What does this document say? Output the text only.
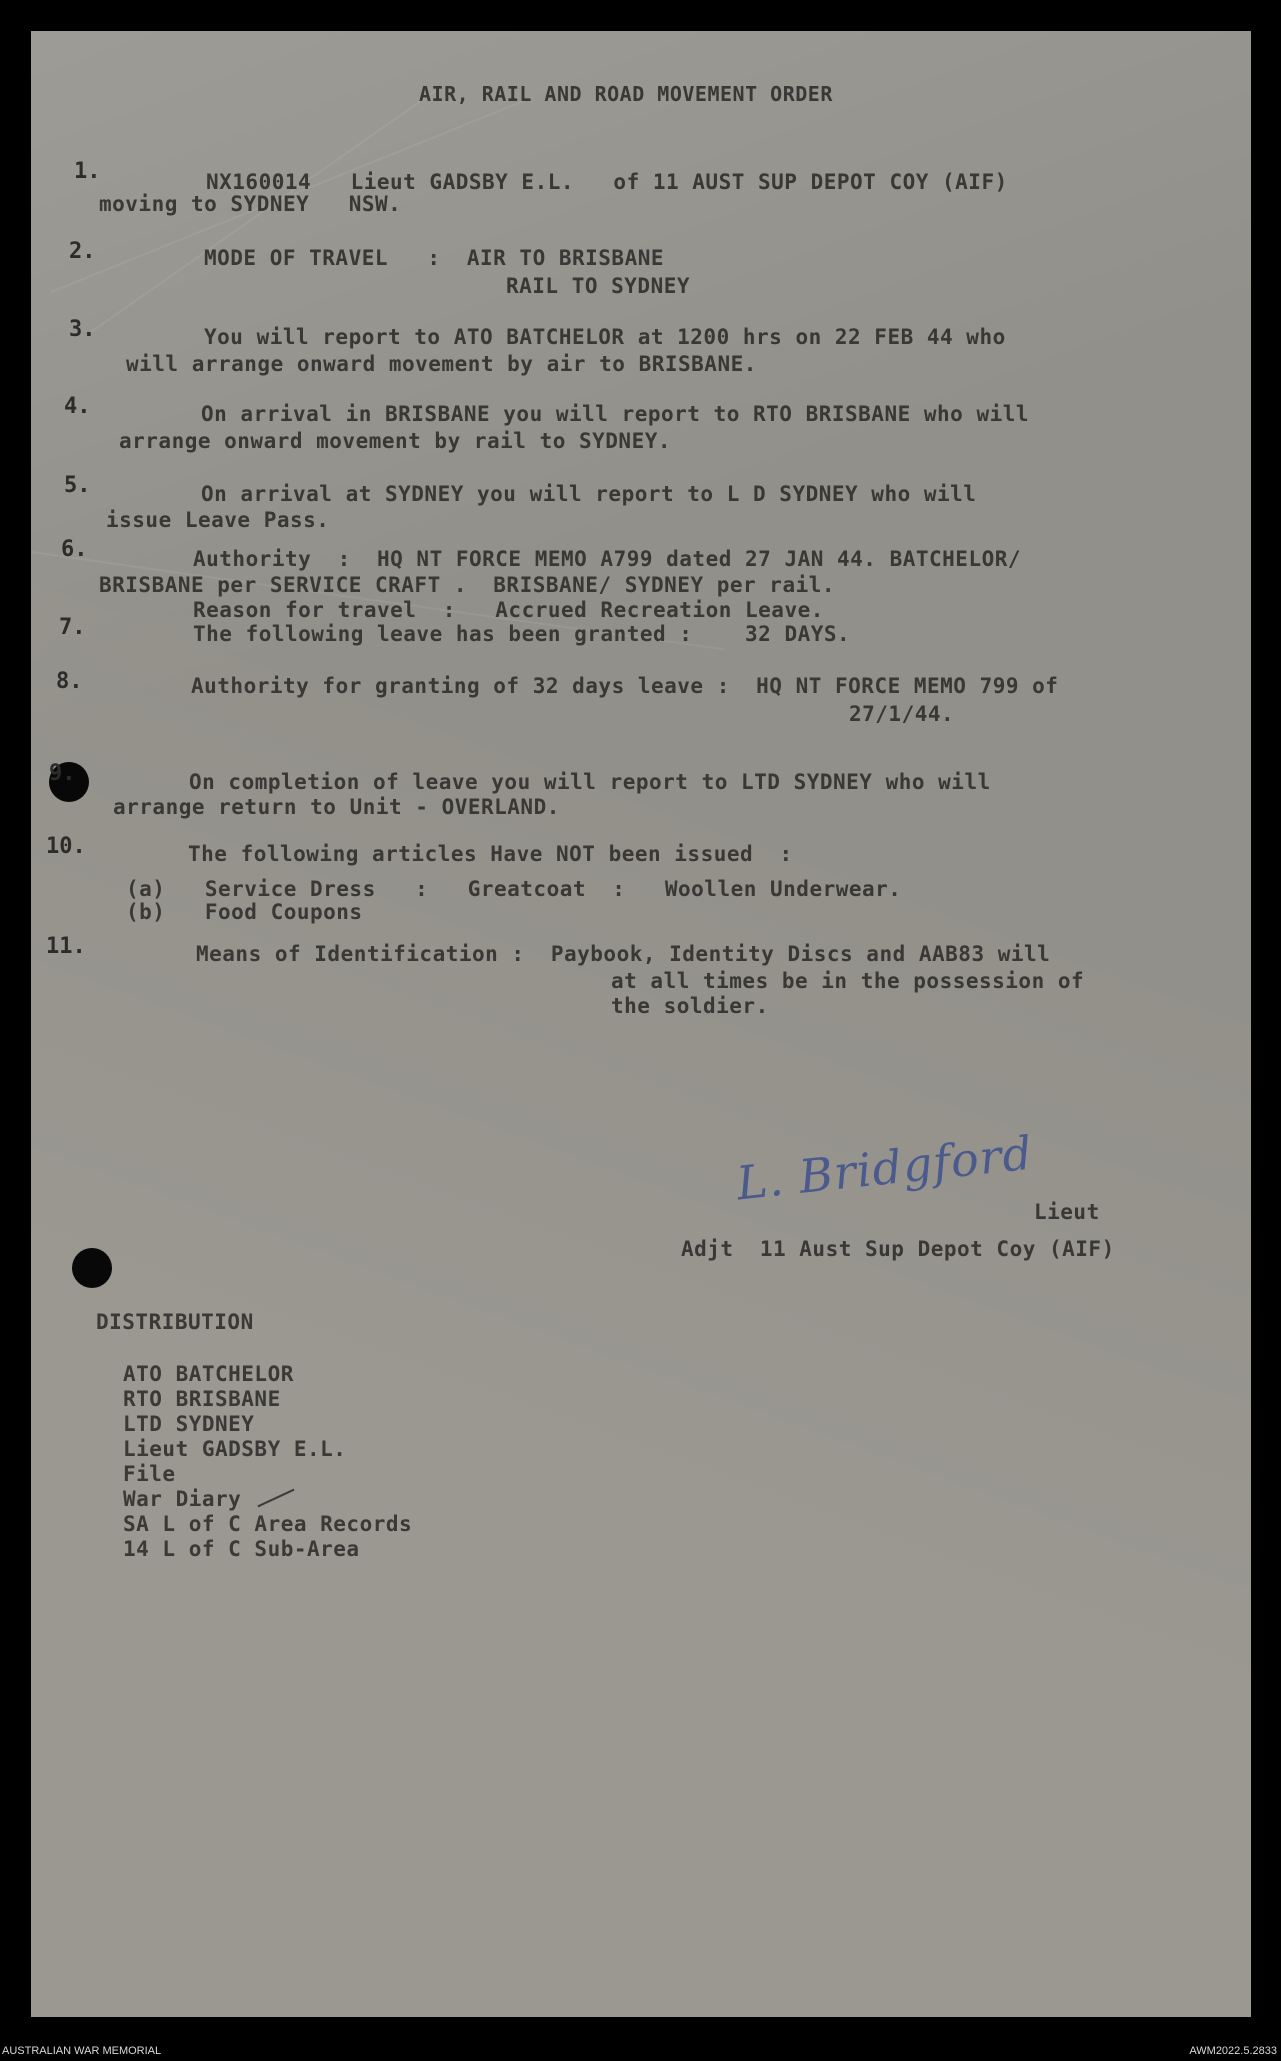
AIR, RAIL AND ROAD MOVEMENT ORDER
1.	NX160014   Lieut GADSBY E.L.   of 11 AUST SUP DEPOT COY (AIF)
moving to SYDNEY   NSW.
2.	MODE OF TRAVEL   :  AIR TO BRISBANE
RAIL TO SYDNEY
3.	You will report to ATO BATCHELOR at 1200 hrs on 22 FEB 44 who
will arrange onward movement by air to BRISBANE.
4.	On arrival in BRISBANE you will report to RTO BRISBANE who will
arrange onward movement by rail to SYDNEY.
5.	On arrival at SYDNEY you will report to L D SYDNEY who will
issue Leave Pass.
6.	Authority  :  HQ NT FORCE MEMO A799 dated 27 JAN 44. BATCHELOR/
BRISBANE per SERVICE CRAFT .  BRISBANE/ SYDNEY per rail.
Reason for travel  :   Accrued Recreation Leave.
7.	The following leave has been granted :    32 DAYS.
8.	Authority for granting of 32 days leave :  HQ NT FORCE MEMO 799 of
27/1/44.
9.	On completion of leave you will report to LTD SYDNEY who will
arrange return to Unit - OVERLAND.
10.	The following articles Have NOT been issued  :
(a)   Service Dress   :   Greatcoat  :   Woollen Underwear.
(b)   Food Coupons
11.	Means of Identification :  Paybook, Identity Discs and AAB83 will
at all times be in the possession of
the soldier.
L. Bridgford
Lieut
Adjt  11 Aust Sup Depot Coy (AIF)
DISTRIBUTION
ATO BATCHELOR
RTO BRISBANE
LTD SYDNEY
Lieut GADSBY E.L.
File
War Diary
SA L of C Area Records
14 L of C Sub-Area
AUSTRALIAN WAR MEMORIAL	AWM2022.5.2833
